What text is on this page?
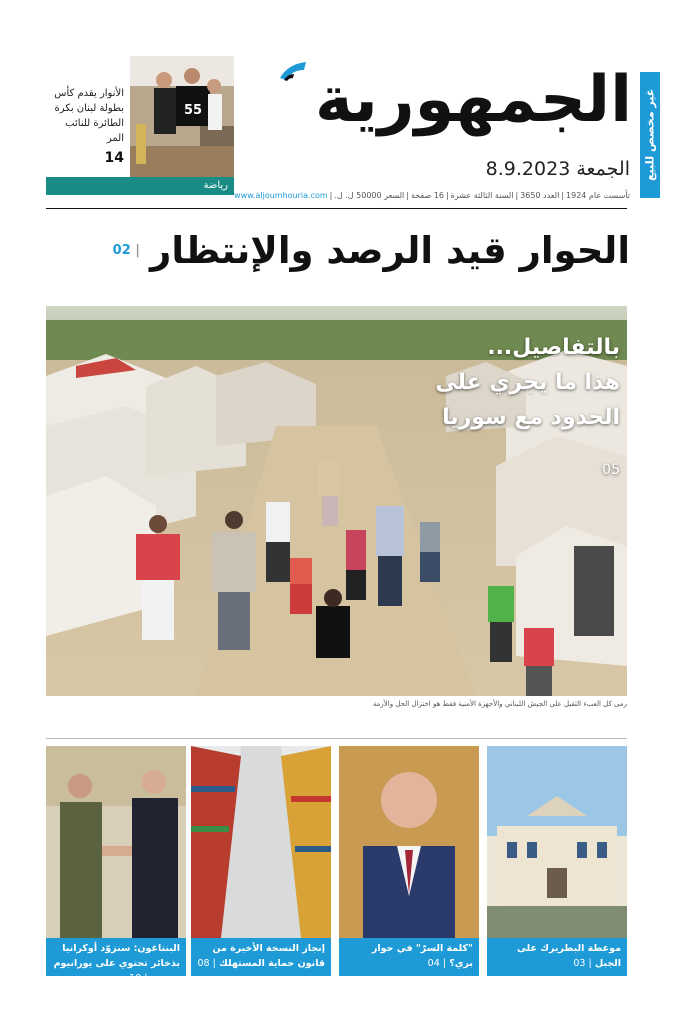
غير مخصص للبيع
الجمهورية
الجمعة 8.9.2023
تأسست عام 1924
|
العدد 3650
|
السنة الثالثة عشرة
|
16 صفحة
|
السعر 50000 ل. ل.
|
www.aljoumhouria.com
55
الأنوار يقدم كأس بطولة لبنان بكرة الطائرة للنائب المر
14
رياضة
الحوار قيد الرصد والإنتظار
| 02
بالتفاصيل...
هذا ما يجري على
الحدود مع سوريا
05
رمى كل العبء الثقيل على الجيش اللبناني والأجهزة الأمنية فقط هو اختزال الحل والأزمة
موعطة البطريرك على الجبل | 03
"كلمة السرّ" في حوار بري؟ | 04
إنجاز النسخة الأخيرة من قانون حماية المستهلك | 08
البنتاغون: سنزوّد أوكرانيا بذخائر تحتوي على يورانيوم منضب | 10
